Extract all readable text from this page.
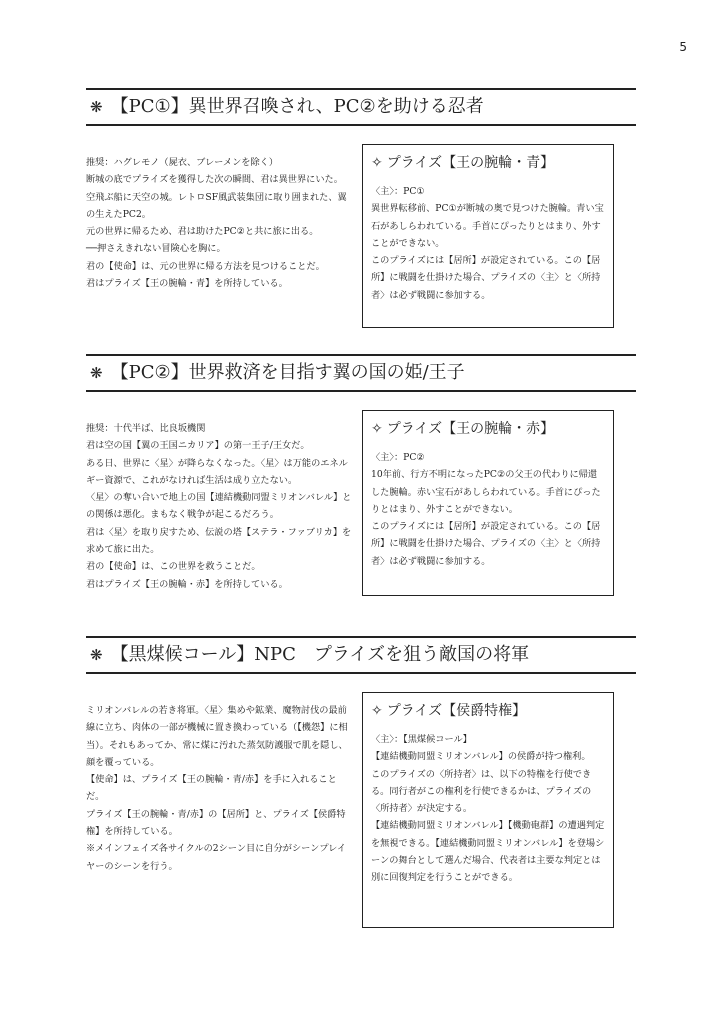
5
❋ 【PC①】異世界召喚され、PC②を助ける忍者
推奨：ハグレモノ（屍衣、ブレーメンを除く）
断城の底でプライズを獲得した次の瞬間、君は異世界にいた。
空飛ぶ船に天空の城。レトロSF風武装集団に取り囲まれた、翼の生えたPC2。
元の世界に帰るため、君は助けたPC②と共に旅に出る。
──押さえきれない冒険心を胸に。
君の【使命】は、元の世界に帰る方法を見つけることだ。
君はプライズ【王の腕輪・青】を所持している。
✧ プライズ【王の腕輪・青】
〈主〉：PC①
異世界転移前、PC①が断城の奥で見つけた腕輪。青い宝石があしらわれている。手首にぴったりとはまり、外すことができない。
このプライズには【居所】が設定されている。この【居所】に戦闘を仕掛けた場合、プライズの〈主〉と〈所持者〉は必ず戦闘に参加する。
❋ 【PC②】世界救済を目指す翼の国の姫/王子
推奨：十代半ば、比良坂機関
君は空の国【翼の王国ニカリア】の第一王子/王女だ。
ある日、世界に〈星〉が降らなくなった。〈星〉は万能のエネルギー資源で、これがなければ生活は成り立たない。
〈星〉の奪い合いで地上の国【連結機動同盟ミリオンバレル】との関係は悪化。まもなく戦争が起こるだろう。
君は〈星〉を取り戻すため、伝説の塔【ステラ・ファブリカ】を求めて旅に出た。
君の【使命】は、この世界を救うことだ。
君はプライズ【王の腕輪・赤】を所持している。
✧ プライズ【王の腕輪・赤】
〈主〉：PC②
10年前、行方不明になったPC②の父王の代わりに帰還した腕輪。赤い宝石があしらわれている。手首にぴったりとはまり、外すことができない。
このプライズには【居所】が設定されている。この【居所】に戦闘を仕掛けた場合、プライズの〈主〉と〈所持者〉は必ず戦闘に参加する。
❋ 【黒煤候コール】NPC　プライズを狙う敵国の将軍
ミリオンバレルの若き将軍。〈星〉集めや鉱業、魔物討伐の最前線に立ち、肉体の一部が機械に置き換わっている（【機怨】に相当）。それもあってか、常に煤に汚れた蒸気防護服で肌を隠し、顔を覆っている。
【使命】は、プライズ【王の腕輪・青/赤】を手に入れることだ。
プライズ【王の腕輪・青/赤】の【居所】と、プライズ【侯爵特権】を所持している。
※メインフェイズ各サイクルの2シーン目に自分がシーンプレイヤーのシーンを行う。
✧ プライズ【侯爵特権】
〈主〉：【黒煤候コール】
【連結機動同盟ミリオンバレル】の侯爵が持つ権利。
このプライズの〈所持者〉は、以下の特権を行使できる。同行者がこの権利を行使できるかは、プライズの〈所持者〉が決定する。
【連結機動同盟ミリオンバレル】【機動砲群】の遭遇判定を無視できる。【連結機動同盟ミリオンバレル】を登場シーンの舞台として選んだ場合、代表者は主要な判定とは別に回復判定を行うことができる。
